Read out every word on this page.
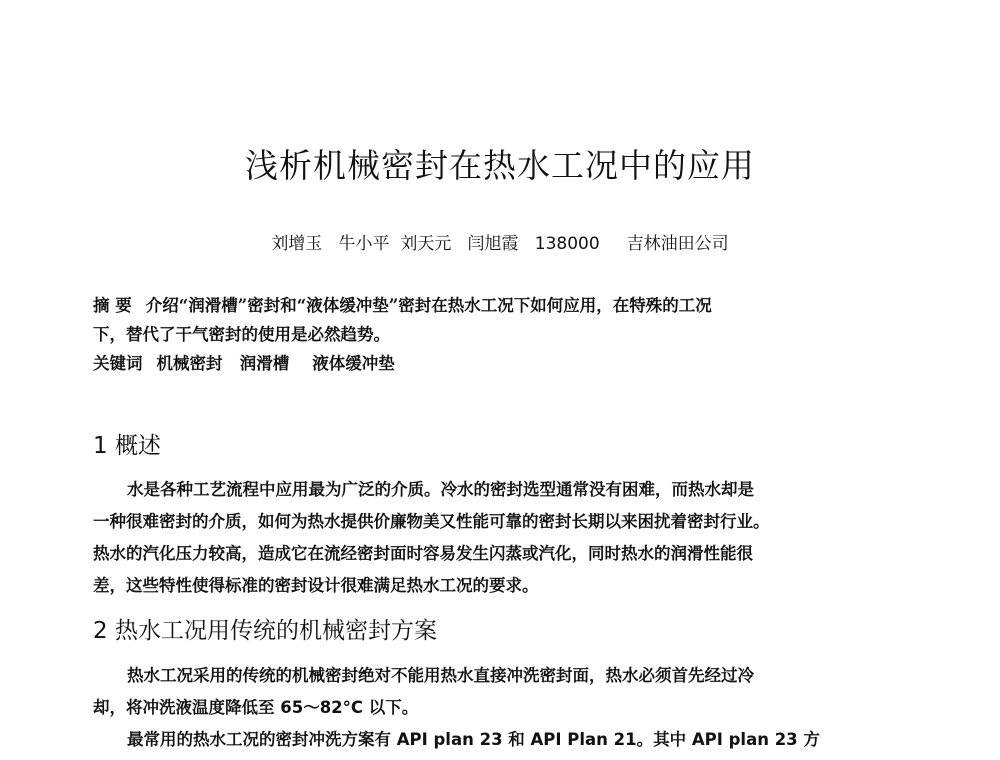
浅析机械密封在热水工况中的应用
刘增玉   牛小平  刘天元   闫旭霞   138000     吉林油田公司
摘 要 介绍“润滑槽”密封和“液体缓冲垫”密封在热水工况下如何应用，在特殊的工况
下，替代了干气密封的使用是必然趋势。
关键词 机械密封   润滑槽    液体缓冲垫
1 概述
水是各种工艺流程中应用最为广泛的介质。冷水的密封选型通常没有困难，而热水却是
一种很难密封的介质，如何为热水提供价廉物美又性能可靠的密封长期以来困扰着密封行业。
热水的汽化压力较高，造成它在流经密封面时容易发生闪蒸或汽化，同时热水的润滑性能很
差，这些特性使得标准的密封设计很难满足热水工况的要求。
2 热水工况用传统的机械密封方案
热水工况采用的传统的机械密封绝对不能用热水直接冲洗密封面，热水必须首先经过冷
却，将冲洗液温度降低至 65～82°C 以下。
最常用的热水工况的密封冲洗方案有 API plan 23 和 API Plan 21。其中 API plan 23 方
